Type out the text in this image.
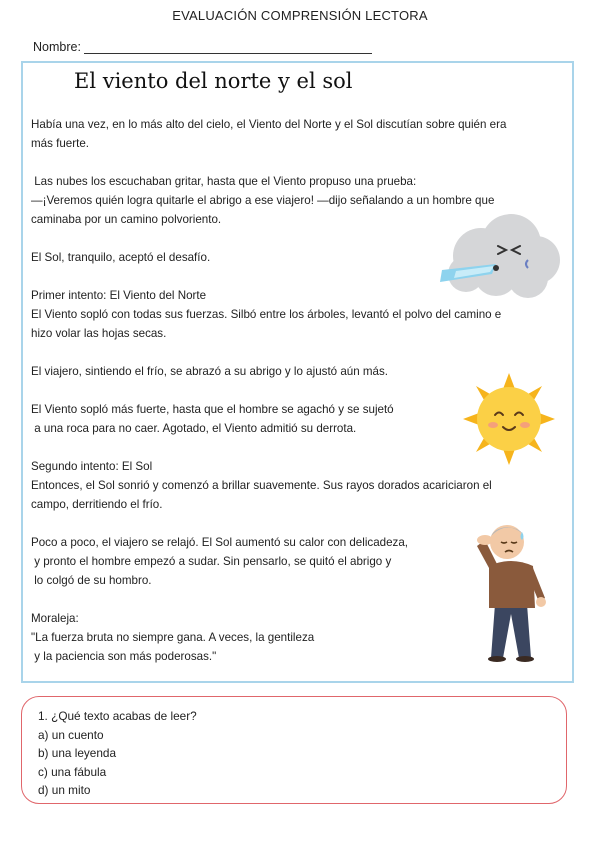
EVALUACIÓN COMPRENSIÓN LECTORA
Nombre:
El viento del norte y el sol
Había una vez, en lo más alto del cielo, el Viento del Norte y el Sol discutían sobre quién era
más fuerte.
Las nubes los escuchaban gritar, hasta que el Viento propuso una prueba:
—¡Veremos quién logra quitarle el abrigo a ese viajero! —dijo señalando a un hombre que
caminaba por un camino polvoriento.
El Sol, tranquilo, aceptó el desafío.
Primer intento: El Viento del Norte
El Viento sopló con todas sus fuerzas. Silbó entre los árboles, levantó el polvo del camino e
hizo volar las hojas secas.
El viajero, sintiendo el frío, se abrazó a su abrigo y lo ajustó aún más.
El Viento sopló más fuerte, hasta que el hombre se agachó y se sujetó
a una roca para no caer. Agotado, el Viento admitió su derrota.
Segundo intento: El Sol
Entonces, el Sol sonrió y comenzó a brillar suavemente. Sus rayos dorados acariciaron el
campo, derritiendo el frío.
Poco a poco, el viajero se relajó. El Sol aumentó su calor con delicadeza,
y pronto el hombre empezó a sudar. Sin pensarlo, se quitó el abrigo y
lo colgó de su hombro.
Moraleja:
"La fuerza bruta no siempre gana. A veces, la gentileza
y la paciencia son más poderosas."
1. ¿Qué texto acabas de leer?
a) un cuento
b) una leyenda
c) una fábula
d) un mito
